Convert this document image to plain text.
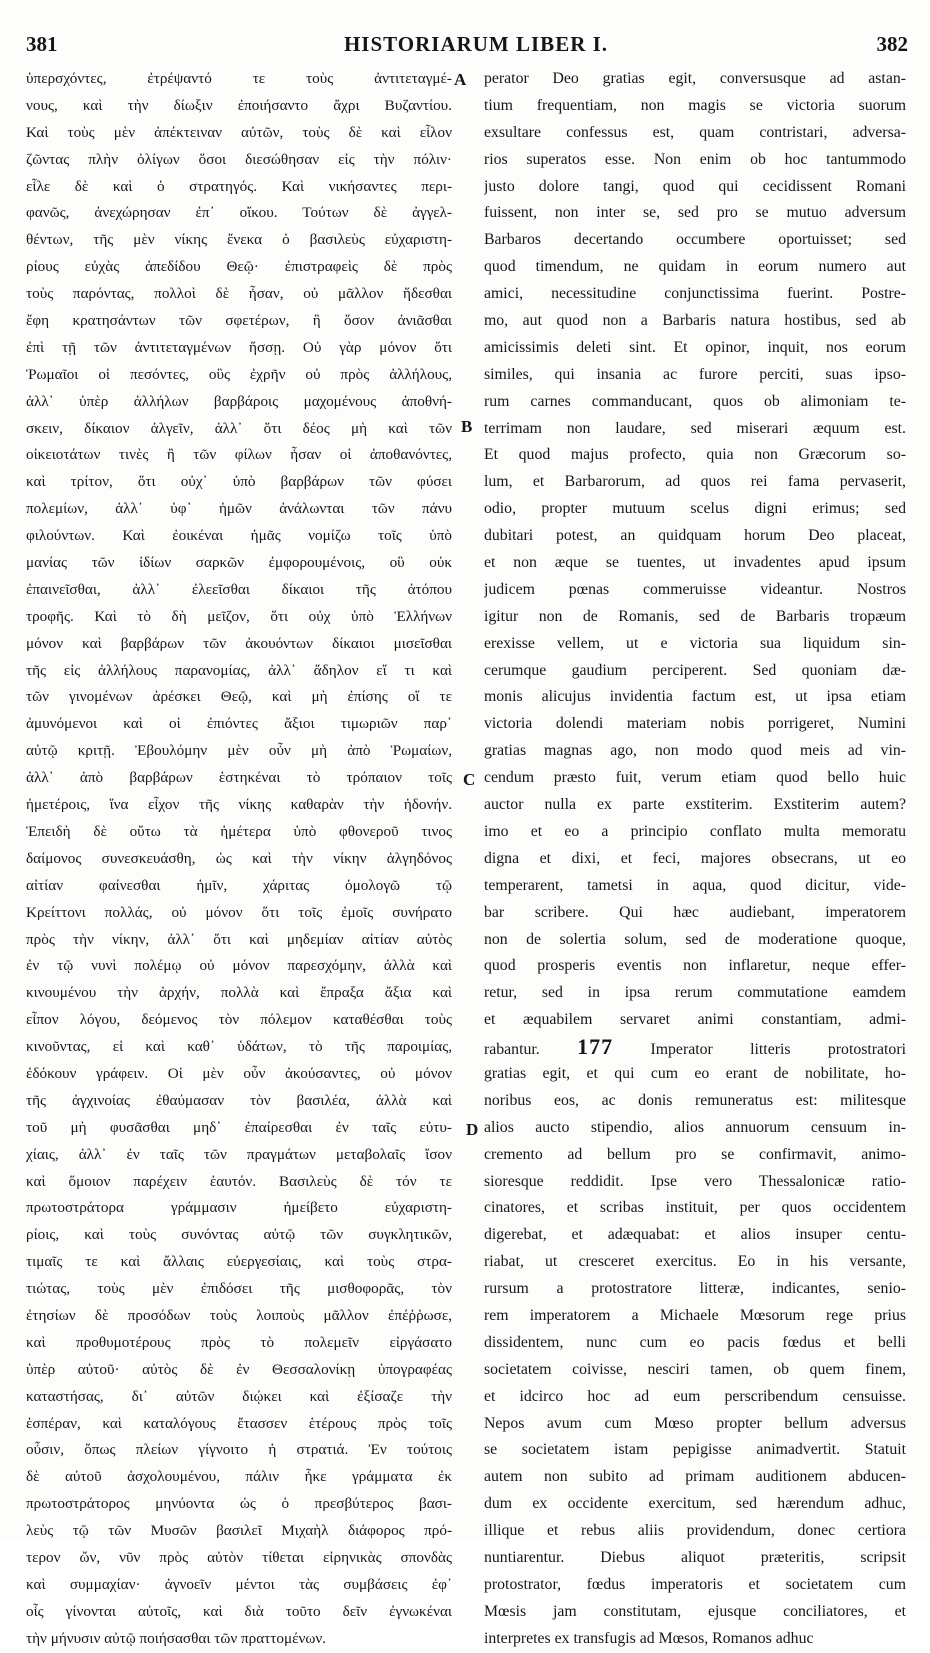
381	HISTORIARUM LIBER I.	382
ὑπερσχόντες, ἐτρέψαντό τε τοὺς ἀντιτεταγμέ-
νους, καὶ τὴν δίωξιν ἐποιήσαντο ἄχρι Βυζαντίου.
Καὶ τοὺς μὲν ἀπέκτειναν αὐτῶν, τοὺς δὲ καὶ εἷλον
ζῶντας πλὴν ὀλίγων ὅσοι διεσώθησαν εἰς τὴν πόλιν·
εἷλε δὲ καὶ ὁ στρατηγός. Καὶ νικήσαντες περι-
φανῶς, ἀνεχώρησαν ἐπ᾽ οἴκου. Τούτων δὲ ἀγγελ-
θέντων, τῆς μὲν νίκης ἕνεκα ὁ βασιλεὺς εὐχαριστη-
ρίους εὐχὰς ἀπεδίδου Θεῷ· ἐπιστραφεὶς δὲ πρὸς
τοὺς παρόντας, πολλοὶ δὲ ἦσαν, οὐ μᾶλλον ἥδεσθαι
ἔφη κρατησάντων τῶν σφετέρων, ἢ ὅσον ἀνιᾶσθαι
ἐπὶ τῇ τῶν ἀντιτεταγμένων ἥσσῃ. Οὐ γὰρ μόνον ὅτι
Ῥωμαῖοι οἱ πεσόντες, οὓς ἐχρῆν οὐ πρὸς ἀλλήλους,
ἀλλ᾽ ὑπὲρ ἀλλήλων βαρβάροις μαχομένους ἀποθνή-
σκειν, δίκαιον ἀλγεῖν, ἀλλ᾽ ὅτι δέος μὴ καὶ τῶν
οἰκειοτάτων τινὲς ἢ τῶν φίλων ἦσαν οἱ ἀποθανόντες,
καὶ τρίτον, ὅτι οὐχ᾽ ὑπὸ βαρβάρων τῶν φύσει
πολεμίων, ἀλλ᾽ ὑφ᾽ ἡμῶν ἀνάλωνται τῶν πάνυ
φιλούντων. Καὶ ἐοικέναι ἡμᾶς νομίζω τοῖς ὑπὸ
μανίας τῶν ἰδίων σαρκῶν ἐμφορουμένοις, οὓ οὐκ
ἐπαινεῖσθαι, ἀλλ᾽ ἐλεεῖσθαι δίκαιοι τῆς ἀτόπου
τροφῆς. Καὶ τὸ δὴ μεῖζον, ὅτι οὐχ ὑπὸ Ἑλλήνων
μόνον καὶ βαρβάρων τῶν ἀκουόντων δίκαιοι μισεῖσθαι
τῆς εἰς ἀλλήλους παρανομίας, ἀλλ᾽ ἄδηλον εἴ τι καὶ
τῶν γινομένων ἀρέσκει Θεῷ, καὶ μὴ ἐπίσης οἵ τε
ἀμυνόμενοι καὶ οἱ ἐπιόντες ἄξιοι τιμωριῶν παρ᾽
αὐτῷ κριτῇ. Ἐβουλόμην μὲν οὖν μὴ ἀπὸ Ῥωμαίων,
ἀλλ᾽ ἀπὸ βαρβάρων ἑστηκέναι τὸ τρόπαιον τοῖς
ἡμετέροις, ἵνα εἶχον τῆς νίκης καθαρὰν τὴν ἡδονήν.
Ἐπειδὴ δὲ οὕτω τὰ ἡμέτερα ὑπὸ φθονεροῦ τινος
δαίμονος συνεσκευάσθη, ὡς καὶ τὴν νίκην ἀλγηδόνος
αἰτίαν φαίνεσθαι ἡμῖν, χάριτας ὁμολογῶ τῷ
Κρείττονι πολλάς, οὐ μόνον ὅτι τοῖς ἐμοῖς συνήρατο
πρὸς τὴν νίκην, ἀλλ᾽ ὅτι καὶ μηδεμίαν αἰτίαν αὐτὸς
ἐν τῷ νυνὶ πολέμῳ οὐ μόνον παρεσχόμην, ἀλλὰ καὶ
κινουμένου τὴν ἀρχήν, πολλὰ καὶ ἔπραξα ἄξια καὶ
εἶπον λόγου, δεόμενος τὸν πόλεμον καταθέσθαι τοὺς
κινοῦντας, εἰ καὶ καθ᾽ ὑδάτων, τὸ τῆς παροιμίας,
ἐδόκουν γράφειν. Οἱ μὲν οὖν ἀκούσαντες, οὐ μόνον
τῆς ἀγχινοίας ἐθαύμασαν τὸν βασιλέα, ἀλλὰ καὶ
τοῦ μὴ φυσᾶσθαι μηδ᾽ ἐπαίρεσθαι ἐν ταῖς εὐτυ-
χίαις, ἀλλ᾽ ἐν ταῖς τῶν πραγμάτων μεταβολαῖς ἴσον
καὶ ὅμοιον παρέχειν ἑαυτόν. Βασιλεὺς δὲ τόν τε
πρωτοστράτορα γράμμασιν ἠμείβετο εὐχαριστη-
ρίοις, καὶ τοὺς συνόντας αὐτῷ τῶν συγκλητικῶν,
τιμαῖς τε καὶ ἄλλαις εὐεργεσίαις, καὶ τοὺς στρα-
τιώτας, τοὺς μὲν ἐπιδόσει τῆς μισθοφορᾶς, τὸν
ἐτησίων δὲ προσόδων τοὺς λοιποὺς μᾶλλον ἐπέῤῥωσε,
καὶ προθυμοτέρους πρὸς τὸ πολεμεῖν εἰργάσατο
ὑπὲρ αὐτοῦ· αὐτὸς δὲ ἐν Θεσσαλονίκῃ ὑπογραφέας
καταστήσας, δι᾽ αὐτῶν διῴκει καὶ ἐξίσαζε τὴν
ἑσπέραν, καὶ καταλόγους ἔτασσεν ἑτέρους πρὸς τοῖς
οὖσιν, ὅπως πλείων γίγνοιτο ἡ στρατιά. Ἐν τούτοις
δὲ αὐτοῦ ἀσχολουμένου, πάλιν ἧκε γράμματα ἐκ
πρωτοστράτορος μηνύοντα ὡς ὁ πρεσβύτερος βασι-
λεὺς τῷ τῶν Μυσῶν βασιλεῖ Μιχαὴλ διάφορος πρό-
τερον ὤν, νῦν πρὸς αὐτὸν τίθεται εἰρηνικὰς σπονδὰς
καὶ συμμαχίαν· ἀγνοεῖν μέντοι τὰς συμβάσεις ἐφ᾽
οἷς γίνονται αὐτοῖς, καὶ διὰ τοῦτο δεῖν ἐγνωκέναι
τὴν μήνυσιν αὐτῷ ποιήσασθαι τῶν πραττομένων.
perator Deo gratias egit, conversusque ad astan-
tium frequentiam, non magis se victoria suorum
exsultare confessus est, quam contristari, adversa-
rios superatos esse. Non enim ob hoc tantummodo
justo dolore tangi, quod qui cecidissent Romani
fuissent, non inter se, sed pro se mutuo adversum
Barbaros decertando occumbere oportuisset; sed
quod timendum, ne quidam in eorum numero aut
amici, necessitudine conjunctissima fuerint. Postre-
mo, aut quod non a Barbaris natura hostibus, sed ab
amicissimis deleti sint. Et opinor, inquit, nos eorum
similes, qui insania ac furore perciti, suas ipso-
rum carnes commanducant, quos ob alimoniam te-
terrimam non laudare, sed miserari æquum est.
Et quod majus profecto, quia non Græcorum so-
lum, et Barbarorum, ad quos rei fama pervaserit,
odio, propter mutuum scelus digni erimus; sed
dubitari potest, an quidquam horum Deo placeat,
et non æque se tuentes, ut invadentes apud ipsum
judicem pœnas commeruisse videantur. Nostros
igitur non de Romanis, sed de Barbaris tropæum
erexisse vellem, ut e victoria sua liquidum sin-
cerumque gaudium perciperent. Sed quoniam dæ-
monis alicujus invidentia factum est, ut ipsa etiam
victoria dolendi materiam nobis porrigeret, Numini
gratias magnas ago, non modo quod meis ad vin-
cendum præsto fuit, verum etiam quod bello huic
auctor nulla ex parte exstiterim. Exstiterim autem?
imo et eo a principio conflato multa memoratu
digna et dixi, et feci, majores obsecrans, ut eo
temperarent, tametsi in aqua, quod dicitur, vide-
bar scribere. Qui hæc audiebant, imperatorem
non de solertia solum, sed de moderatione quoque,
quod prosperis eventis non inflaretur, neque effer-
retur, sed in ipsa rerum commutatione eamdem
et æquabilem servaret animi constantiam, admi-
rabantur. 177 Imperator litteris protostratori
gratias egit, et qui cum eo erant de nobilitate, ho-
noribus eos, ac donis remuneratus est: militesque
alios aucto stipendio, alios annuorum censuum in-
cremento ad bellum pro se confirmavit, animo-
sioresque reddidit. Ipse vero Thessalonicæ ratio-
cinatores, et scribas instituit, per quos occidentem
digerebat, et adæquabat: et alios insuper centu-
riabat, ut cresceret exercitus. Eo in his versante,
rursum a protostratore litteræ, indicantes, senio-
rem imperatorem a Michaele Mœsorum rege prius
dissidentem, nunc cum eo pacis fœdus et belli
societatem coivisse, nesciri tamen, ob quem finem,
et idcirco hoc ad eum perscribendum censuisse.
Nepos avum cum Mœso propter bellum adversus
se societatem istam pepigisse animadvertit. Statuit
autem non subito ad primam auditionem abducen-
dum ex occidente exercitum, sed hærendum adhuc,
illique et rebus aliis providendum, donec certiora
nuntiarentur. Diebus aliquot præteritis, scripsit
protostrator, fœdus imperatoris et societatem cum
Mœsis jam constitutam, ejusque conciliatores, et
interpretes ex transfugis ad Mœsos, Romanos adhuc
A
B
C
D
